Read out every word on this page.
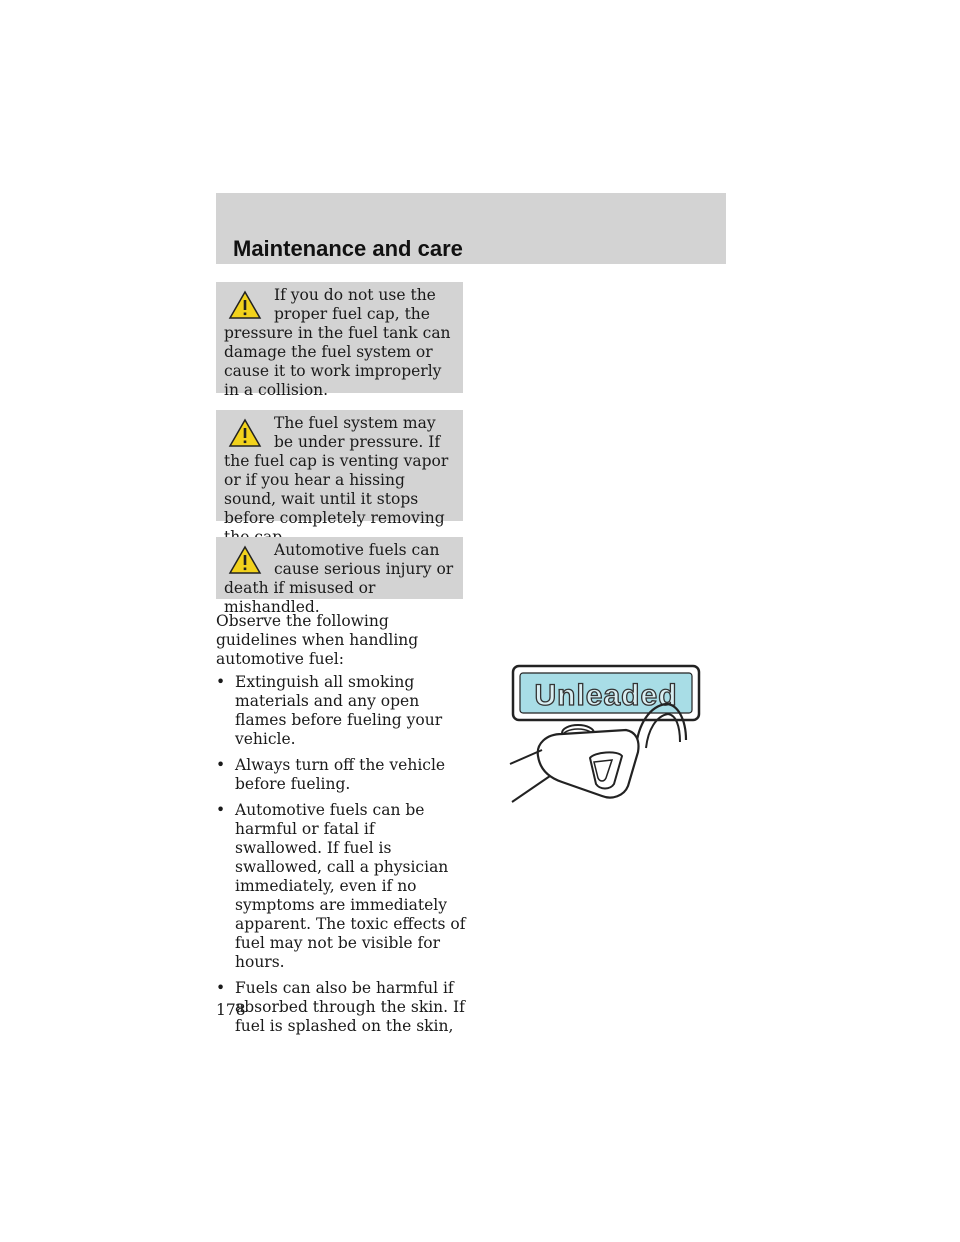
Maintenance and care

If you do not use the proper fuel cap, the pressure in the fuel tank can damage the fuel system or cause it to work improperly in a collision.

The fuel system may be under pressure. If the fuel cap is venting vapor or if you hear a hissing sound, wait until it stops before completely removing

Automotive fuels can cause serious injury or death if misused or mishandled.

Observe the following guidelines when handling automotive fuel:

• Extinguish all smoking materials and any open flames before fueling your vehicle.
• Always turn off the vehicle before fueling.
• Automotive fuels can be harmful or fatal if swallowed. If fuel is swallowed, call a physician immediately, even if no symptoms are immediately apparent. The toxic effects of fuel may not be visible for hours.
• Fuels can also be harmful if absorbed through the skin. If fuel is splashed on the skin,
Unleaded
178
